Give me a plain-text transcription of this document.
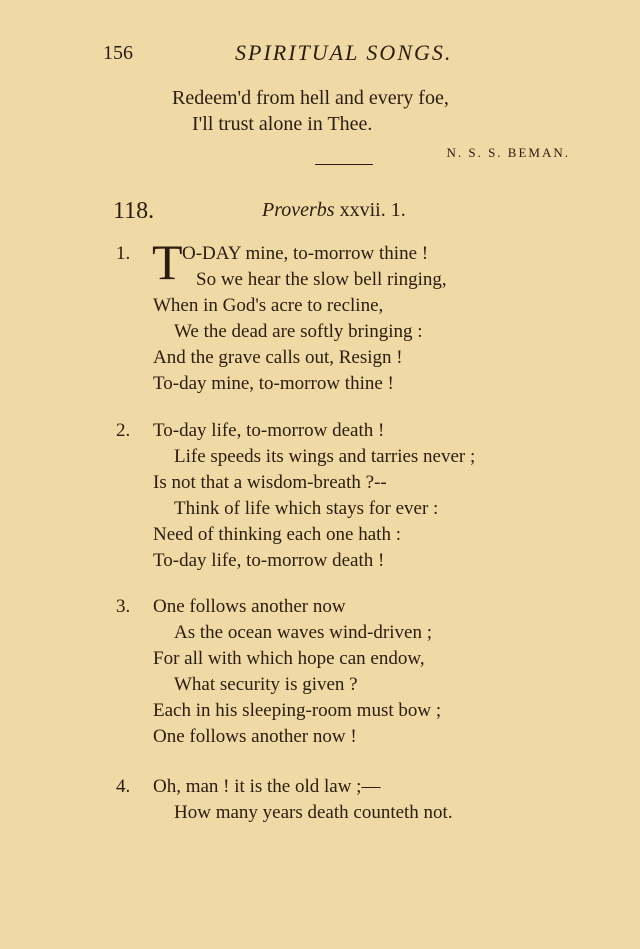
156	SPIRITUAL SONGS.
Redeem'd from hell and every foe,
I'll trust alone in Thee.
N. S. S. BEMAN.
118.	Proverbs xxvii. 1.
T
1.	O-DAY mine, to-morrow thine !
So we hear the slow bell ringing,
When in God's acre to recline,
We the dead are softly bringing :
And the grave calls out, Resign !
To-day mine, to-morrow thine !
2. To-day life, to-morrow death !
Life speeds its wings and tarries never ;
Is not that a wisdom-breath ?--
Think of life which stays for ever :
Need of thinking each one hath :
To-day life, to-morrow death !
3. One follows another now
As the ocean waves wind-driven ;
For all with which hope can endow,
What security is given ?
Each in his sleeping-room must bow ;
One follows another now !
4. Oh, man ! it is the old law ;—
How many years death counteth not.
